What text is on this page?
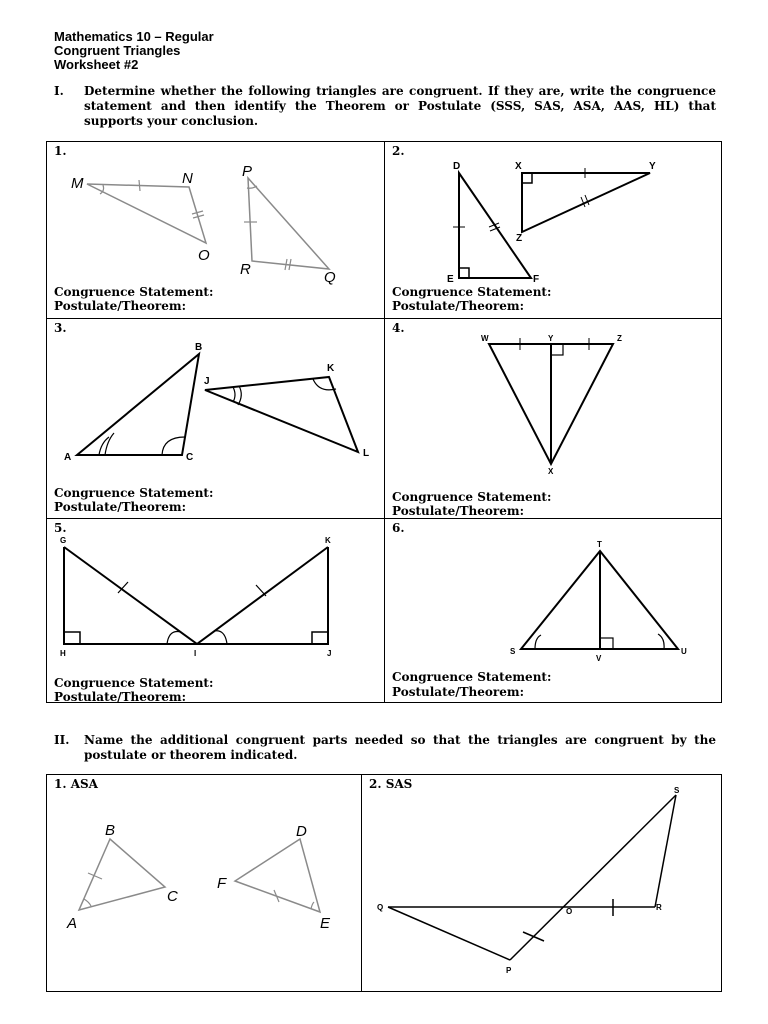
Mathematics 10 – Regular
Congruent Triangles
Worksheet #2
I. Determine whether the following triangles are congruent. If they are, write the congruence statement and then identify the Theorem or Postulate (SSS, SAS, ASA, AAS, HL) that supports your conclusion.
1.
M	N
O
P
R	Q
Congruence Statement:
Postulate/Theorem:
2.
D	X	Y
Z
E	F
Congruence Statement:
Postulate/Theorem:
3.
B
K
J
A	C	L
Congruence Statement:
Postulate/Theorem:
4.
W	Y	Z
X
Congruence Statement:
Postulate/Theorem:
5.
G	K
H	I	J
Congruence Statement:
Postulate/Theorem:
6.
T
S
V
U
Congruence Statement:
Postulate/Theorem:
II. Name the additional congruent parts needed so that the triangles are congruent by the postulate or theorem indicated.
1. ASA
B	D
F
C
A	E
2. SAS	S
Q	O	R
P
